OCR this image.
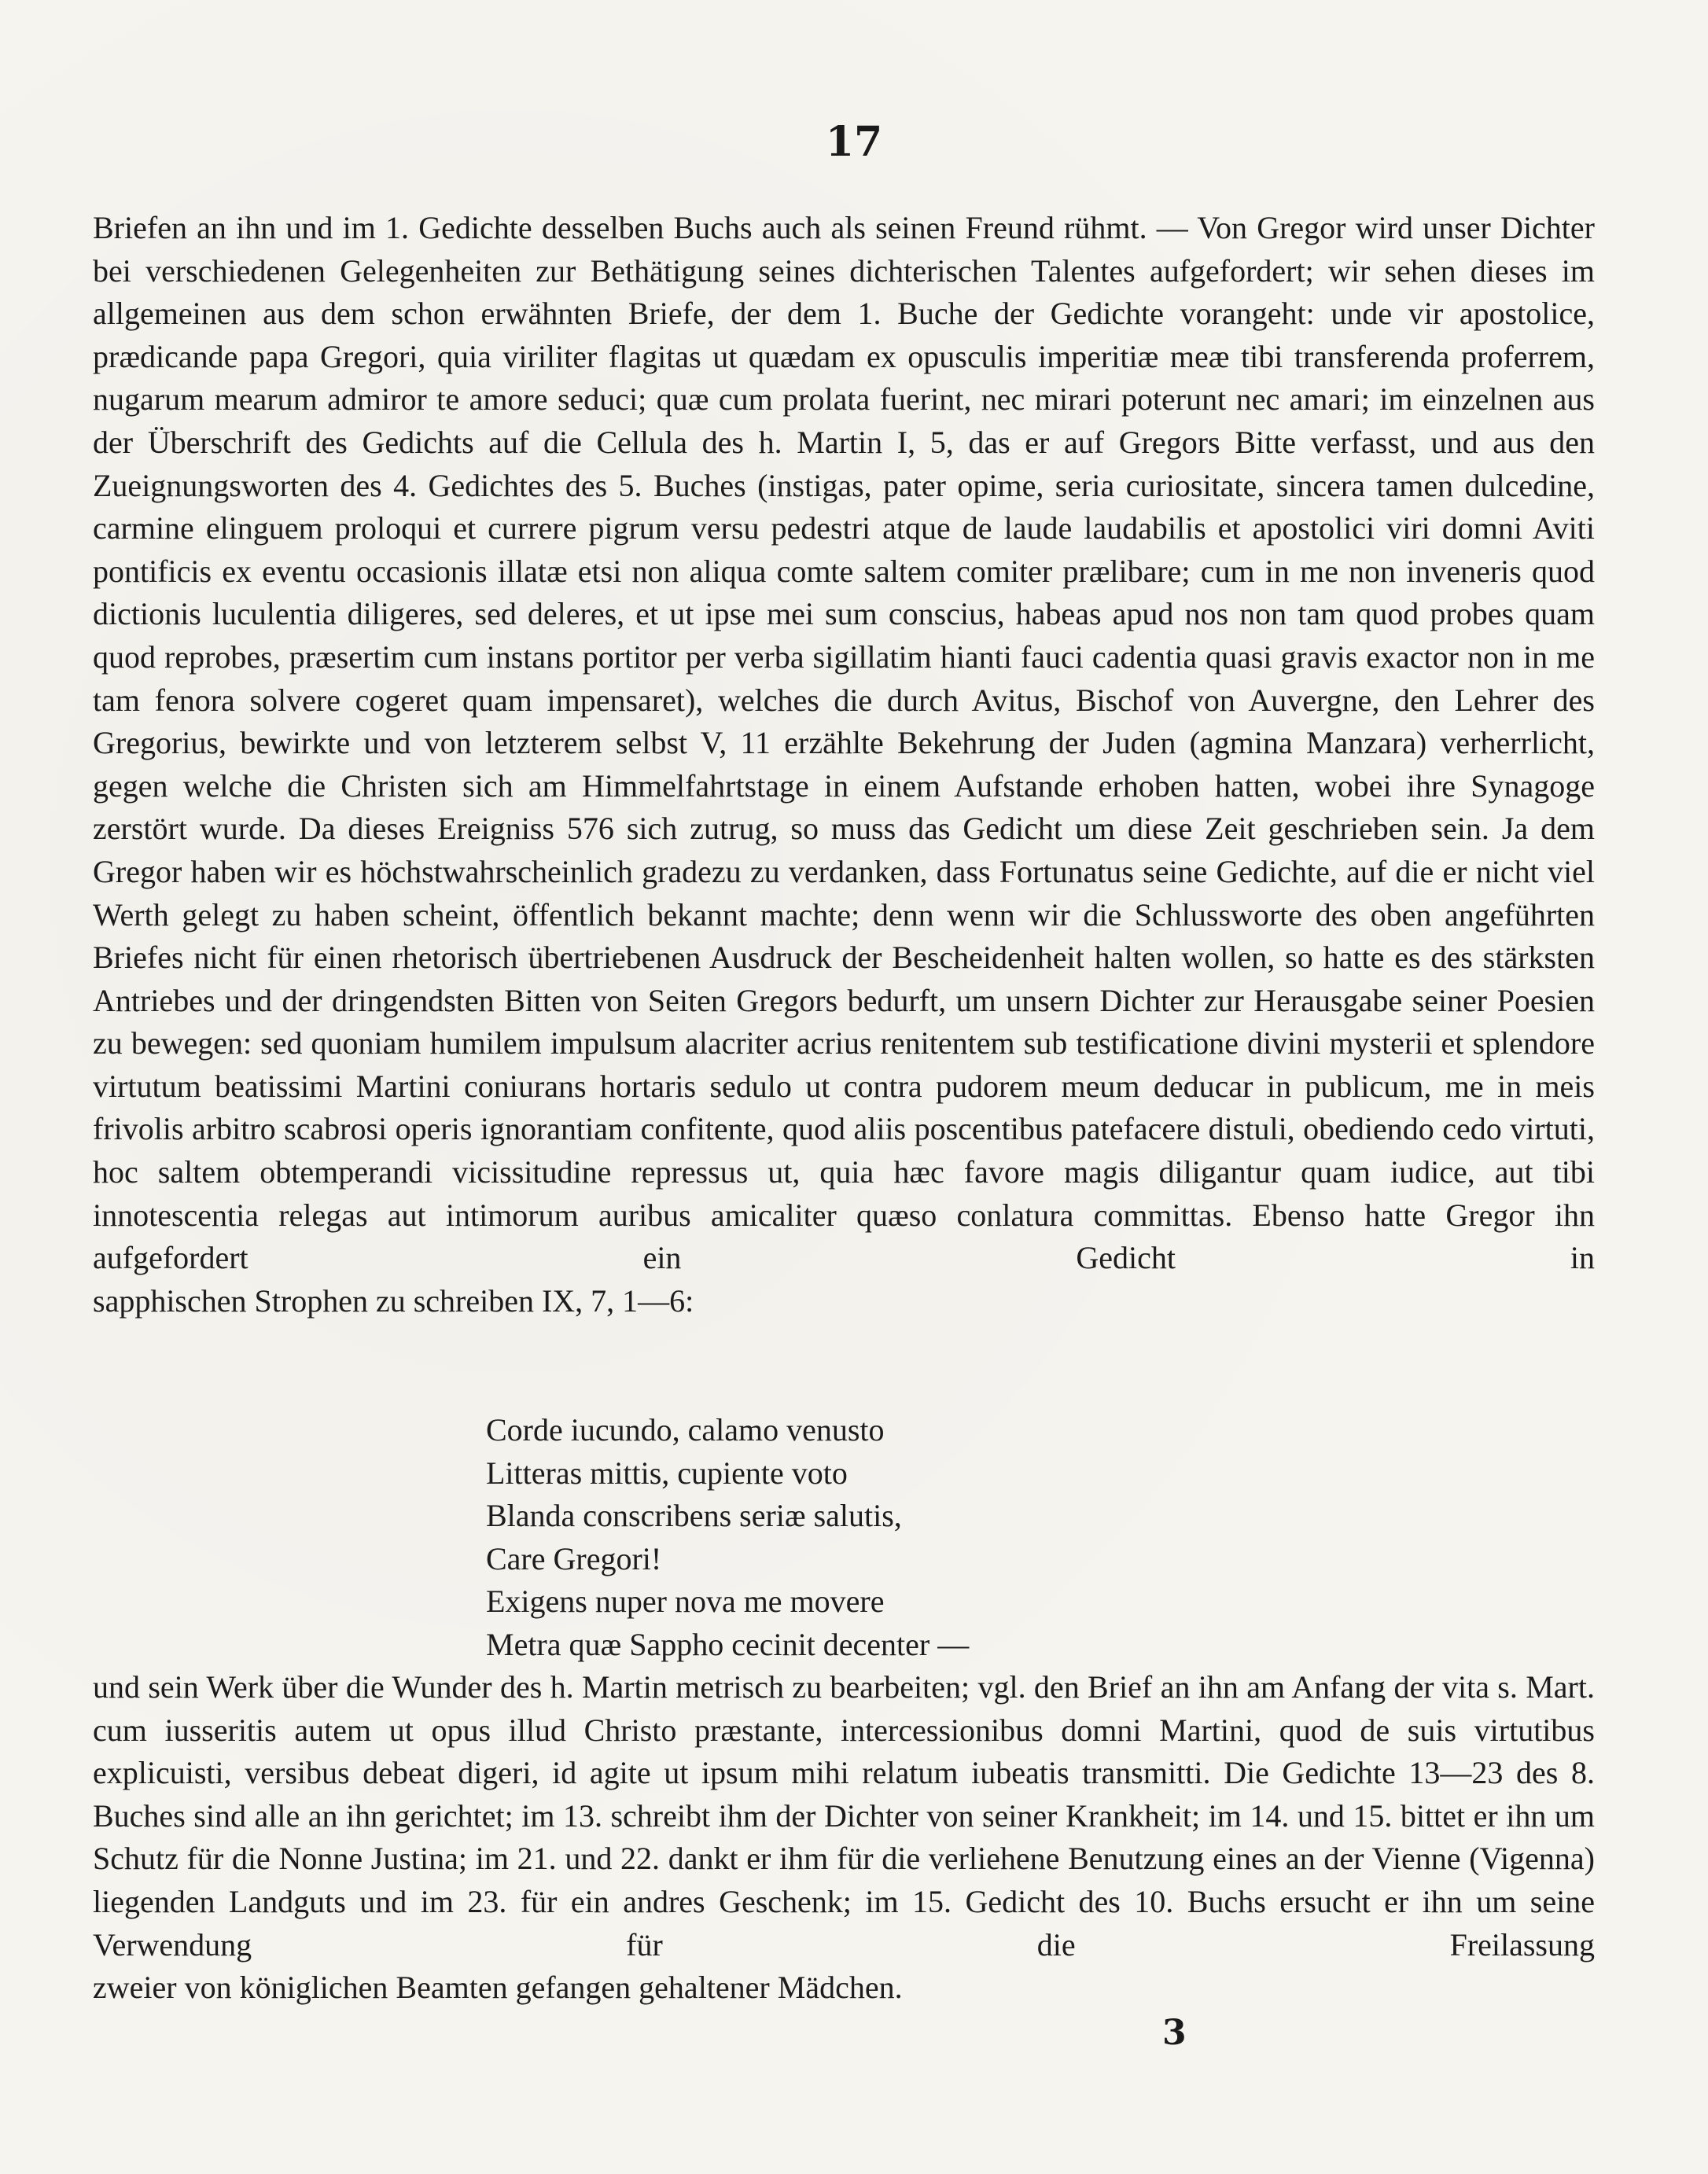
17

Briefen an ihn und im 1. Gedichte desselben Buchs auch als seinen Freund rühmt. — Von Gregor wird unser Dichter bei verschiedenen Gelegenheiten zur Bethätigung seines dichterischen Talentes aufgefordert; wir sehen dieses im allgemeinen aus dem schon erwähnten Briefe, der dem 1. Buche der Gedichte vorangeht: unde vir apostolice, prædicande papa Gregori, quia viriliter flagitas ut quædam ex opusculis imperitiæ meæ tibi transferenda proferrem, nugarum mearum admiror te amore seduci; quæ cum prolata fuerint, nec mirari poterunt nec amari; im einzelnen aus der Überschrift des Gedichts auf die Cellula des h. Martin I, 5, das er auf Gregors Bitte verfasst, und aus den Zueignungsworten des 4. Gedichtes des 5. Buches (instigas, pater opime, seria curiositate, sincera tamen dulcedine, carmine elinguem proloqui et currere pigrum versu pedestri atque de laude laudabilis et apostolici viri domni Aviti pontificis ex eventu occasionis illatæ etsi non aliqua comte saltem comiter prælibare; cum in me non inveneris quod dictionis luculentia diligeres, sed deleres, et ut ipse mei sum conscius, habeas apud nos non tam quod probes quam quod reprobes, præsertim cum instans portitor per verba sigillatim hianti fauci cadentia quasi gravis exactor non in me tam fenora solvere cogeret quam impensaret), welches die durch Avitus, Bischof von Auvergne, den Lehrer des Gregorius, bewirkte und von letzterem selbst V, 11 erzählte Bekehrung der Juden (agmina Manzara) verherrlicht, gegen welche die Christen sich am Himmelfahrtstage in einem Aufstande erhoben hatten, wobei ihre Synagoge zerstört wurde. Da dieses Ereigniss 576 sich zutrug, so muss das Gedicht um diese Zeit geschrieben sein. Ja dem Gregor haben wir es höchstwahrscheinlich gradezu zu verdanken, dass Fortunatus seine Gedichte, auf die er nicht viel Werth gelegt zu haben scheint, öffentlich bekannt machte; denn wenn wir die Schlussworte des oben angeführten Briefes nicht für einen rhetorisch übertriebenen Ausdruck der Bescheidenheit halten wollen, so hatte es des stärksten Antriebes und der dringendsten Bitten von Seiten Gregors bedurft, um unsern Dichter zur Herausgabe seiner Poesien zu bewegen: sed quoniam humilem impulsum alacriter acrius renitentem sub testificatione divini mysterii et splendore virtutum beatissimi Martini coniurans hortaris sedulo ut contra pudorem meum deducar in publicum, me in meis frivolis arbitro scabrosi operis ignorantiam confitente, quod aliis poscentibus patefacere distuli, obediendo cedo virtuti, hoc saltem obtemperandi vicissitudine repressus ut, quia hæc favore magis diligantur quam iudice, aut tibi innotescentia relegas aut intimorum auribus amicaliter quæso conlatura committas. Ebenso hatte Gregor ihn aufgefordert ein Gedicht in
sapphischen Strophen zu schreiben IX, 7, 1—6:

Corde iucundo, calamo venusto
Litteras mittis, cupiente voto
Blanda conscribens seriæ salutis,
Care Gregori!
Exigens nuper nova me movere
Metra quæ Sappho cecinit decenter —

und sein Werk über die Wunder des h. Martin metrisch zu bearbeiten; vgl. den Brief an ihn am Anfang der vita s. Mart. cum iusseritis autem ut opus illud Christo præstante, intercessionibus domni Martini, quod de suis virtutibus explicuisti, versibus debeat digeri, id agite ut ipsum mihi relatum iubeatis transmitti. Die Gedichte 13—23 des 8. Buches sind alle an ihn gerichtet; im 13. schreibt ihm der Dichter von seiner Krankheit; im 14. und 15. bittet er ihn um Schutz für die Nonne Justina; im 21. und 22. dankt er ihm für die verliehene Benutzung eines an der Vienne (Vigenna) liegenden Landguts und im 23. für ein andres Geschenk; im 15. Gedicht des 10. Buchs ersucht er ihn um seine Verwendung für die Freilassung
zweier von königlichen Beamten gefangen gehaltener Mädchen.

3
